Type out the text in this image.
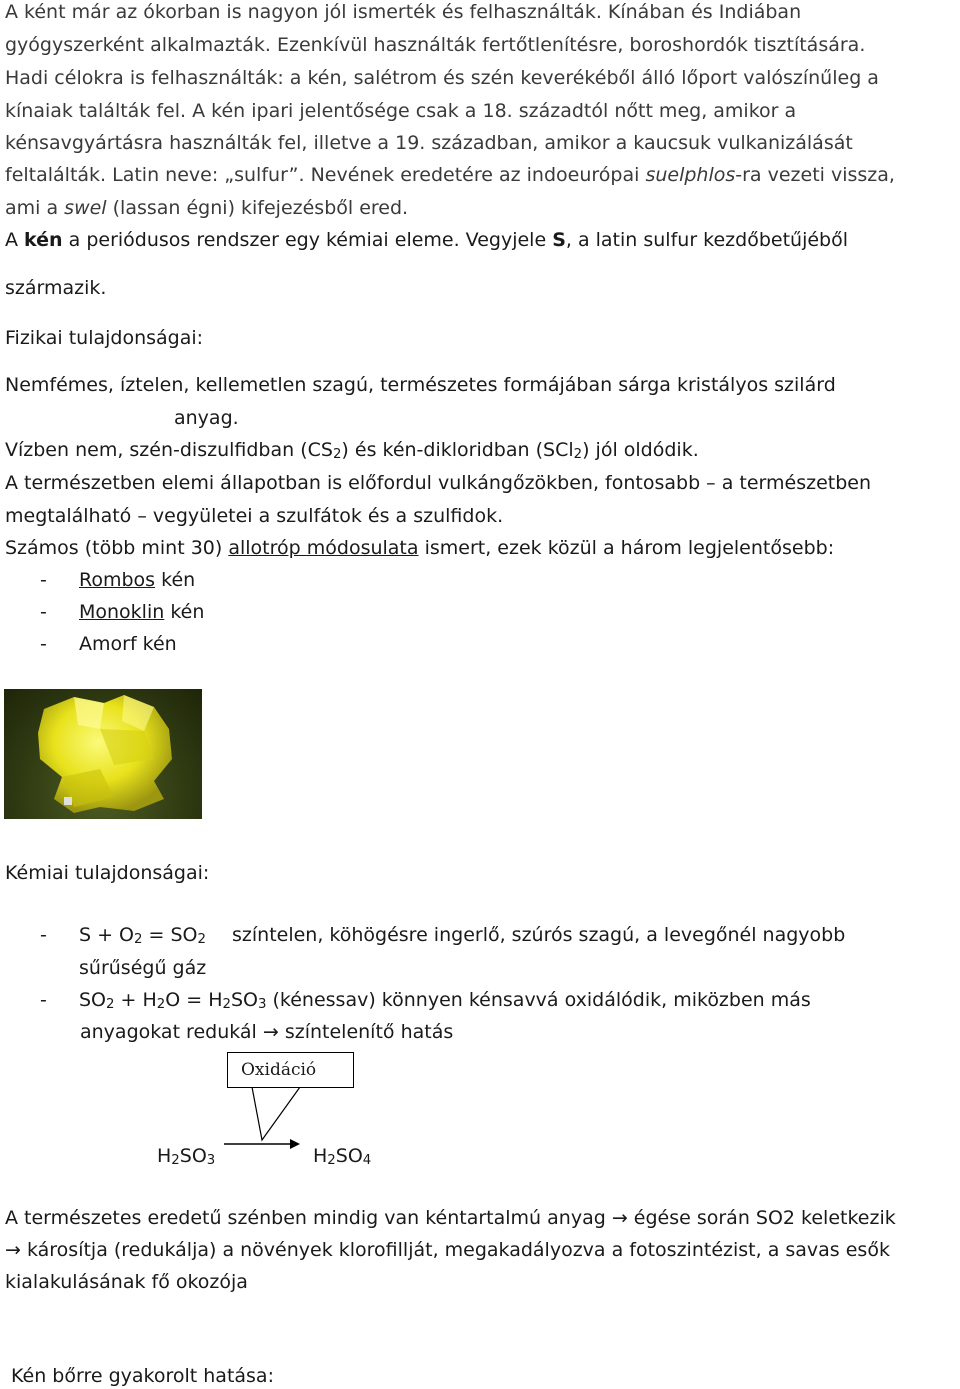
A ként már az ókorban is nagyon jól ismerték és felhasználták. Kínában és Indiában
gyógyszerként alkalmazták. Ezenkívül használták fertőtlenítésre, boroshordók tisztítására.
Hadi célokra is felhasználták: a kén, salétrom és szén keverékéből álló lőport valószínűleg a
kínaiak találták fel. A kén ipari jelentősége csak a 18. századtól nőtt meg, amikor a
kénsavgyártásra használták fel, illetve a 19. században, amikor a kaucsuk vulkanizálását
feltalálták. Latin neve: „sulfur”. Nevének eredetére az indoeurópai suelphlos-ra vezeti vissza,
ami a swel (lassan égni) kifejezésből ered.
A kén a periódusos rendszer egy kémiai eleme. Vegyjele S, a latin sulfur kezdőbetűjéből
származik.
Fizikai tulajdonságai:
Nemfémes, íztelen, kellemetlen szagú, természetes formájában sárga kristályos szilárd
anyag.
Vízben nem, szén-diszulfidban (CS2) és kén-dikloridban (SCl2) jól oldódik.
A természetben elemi állapotban is előfordul vulkángőzökben, fontosabb – a természetben
megtalálható – vegyületei a szulfátok és a szulfidok.
Számos (több mint 30) allotróp módosulata ismert, ezek közül a három legjelentősebb:
- Rombos kén
- Monoklin kén
- Amorf kén
Kémiai tulajdonságai:
- S + O2 = SO2 színtelen, köhögésre ingerlő, szúrós szagú, a levegőnél nagyobb
sűrűségű gáz
- SO2 + H2O = H2SO3 (kénessav) könnyen kénsavvá oxidálódik, miközben más
anyagokat redukál → színtelenítő hatás
Oxidáció
H2SO3	H2SO4
A természetes eredetű szénben mindig van kéntartalmú anyag → égése során SO2 keletkezik
→ károsítja (redukálja) a növények klorofillját, megakadályozva a fotoszintézist, a savas esők
kialakulásának fő okozója
Kén bőrre gyakorolt hatása:
